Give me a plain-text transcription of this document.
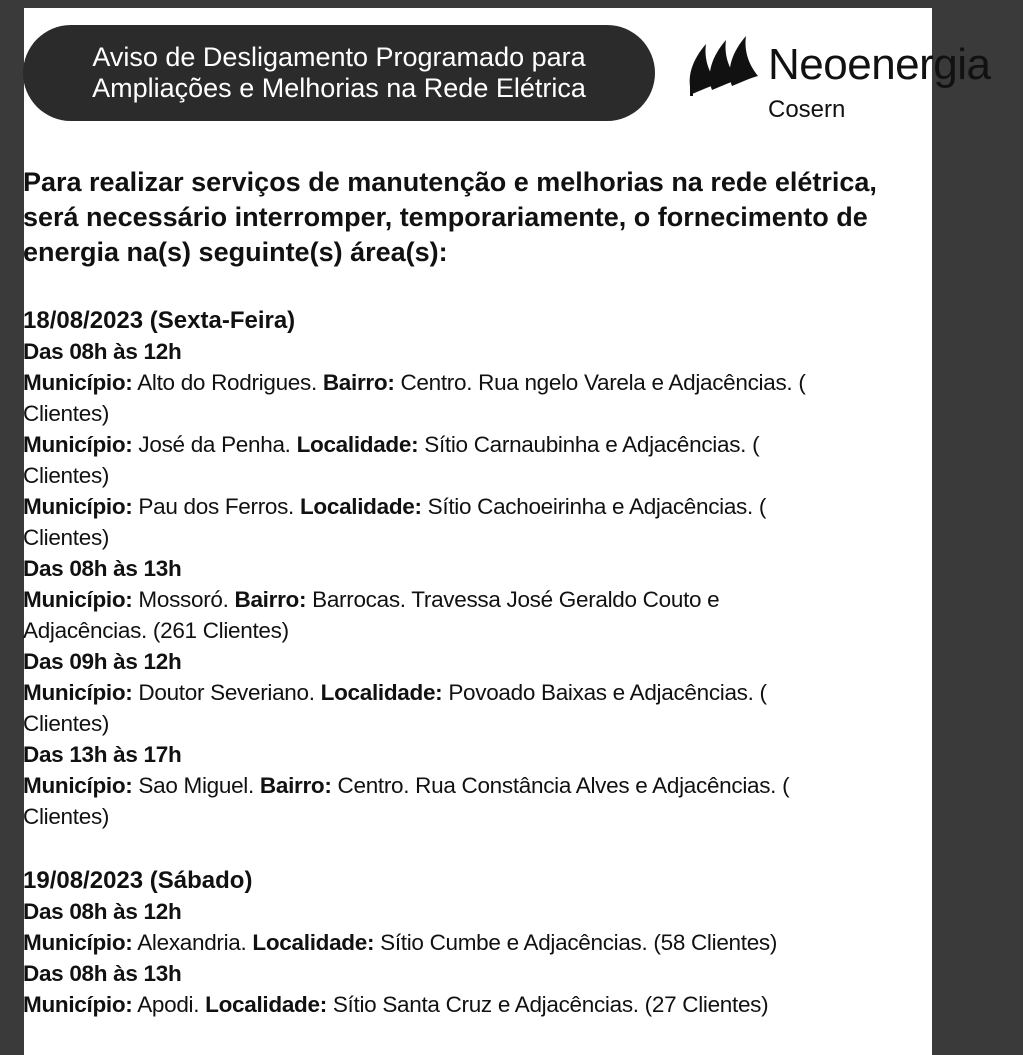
Aviso de Desligamento Programado para
Ampliações e Melhorias na Rede Elétrica	Neoenergia
Cosern
Para realizar serviços de manutenção e melhorias na rede elétrica,
será necessário interromper, temporariamente, o fornecimento de
energia na(s) seguinte(s) área(s):
18/08/2023 (Sexta-Feira)
Das 08h às 12h
Município: Alto do Rodrigues. Bairro: Centro. Rua ngelo Varela e Adjacências. (
Clientes)
Município: José da Penha. Localidade: Sítio Carnaubinha e Adjacências. (
Clientes)
Município: Pau dos Ferros. Localidade: Sítio Cachoeirinha e Adjacências. (
Clientes)
Das 08h às 13h
Município: Mossoró. Bairro: Barrocas. Travessa José Geraldo Couto e
Adjacências. (261 Clientes)
Das 09h às 12h
Município: Doutor Severiano. Localidade: Povoado Baixas e Adjacências. (
Clientes)
Das 13h às 17h
Município: Sao Miguel. Bairro: Centro. Rua Constância Alves e Adjacências. (
Clientes)
19/08/2023 (Sábado)
Das 08h às 12h
Município: Alexandria. Localidade: Sítio Cumbe e Adjacências. (58 Clientes)
Das 08h às 13h
Município: Apodi. Localidade: Sítio Santa Cruz e Adjacências. (27 Clientes)
